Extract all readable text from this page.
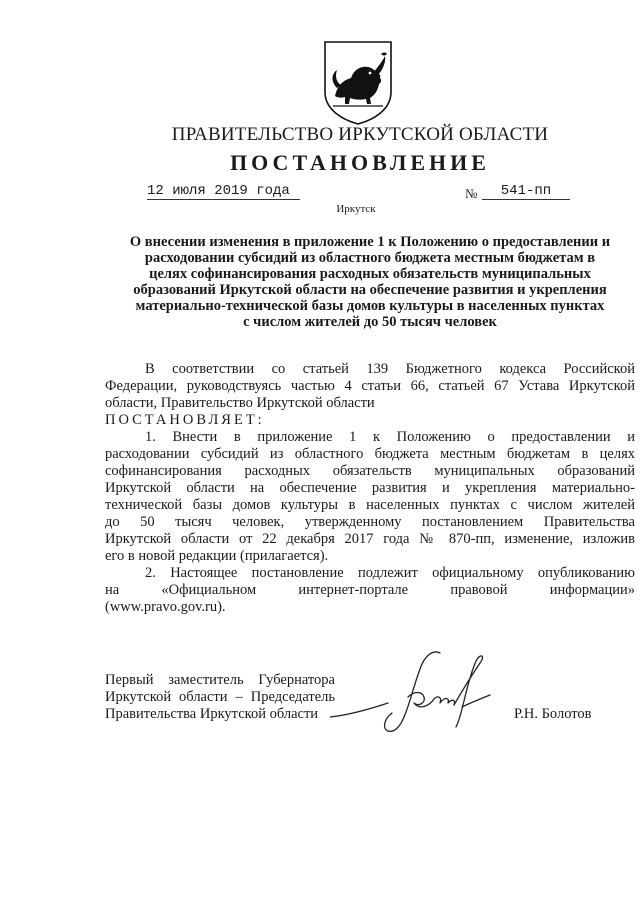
ПРАВИТЕЛЬСТВО ИРКУТСКОЙ ОБЛАСТИ
ПОСТАНОВЛЕНИЕ
12 июля 2019 года	№	541-пп
Иркутск
О внесении изменения в приложение 1 к Положению о предоставлении и
расходовании субсидий из областного бюджета местным бюджетам в
целях софинансирования расходных обязательств муниципальных
образований Иркутской области на обеспечение развития и укрепления
материально-технической базы домов культуры в населенных пунктах
с числом жителей до 50 тысяч человек
В соответствии со статьей 139 Бюджетного кодекса Российской
Федерации, руководствуясь частью 4 статьи 66, статьей 67 Устава Иркутской
области, Правительство Иркутской области
ПОСТАНОВЛЯЕТ:
1. Внести в приложение 1 к Положению о предоставлении и
расходовании субсидий из областного бюджета местным бюджетам в целях
софинансирования расходных обязательств муниципальных образований
Иркутской области на обеспечение развития и укрепления материально-
технической базы домов культуры в населенных пунктах с числом жителей
до 50 тысяч человек, утвержденному постановлением Правительства
Иркутской области от 22 декабря 2017 года № 870-пп, изменение, изложив
его в новой редакции (прилагается).
2. Настоящее постановление подлежит официальному опубликованию
на «Официальном интернет-портале правовой информации»
(www.pravo.gov.ru).
Первый заместитель Губернатора
Иркутской области – Председатель
Правительства Иркутской области	Р.Н. Болотов
